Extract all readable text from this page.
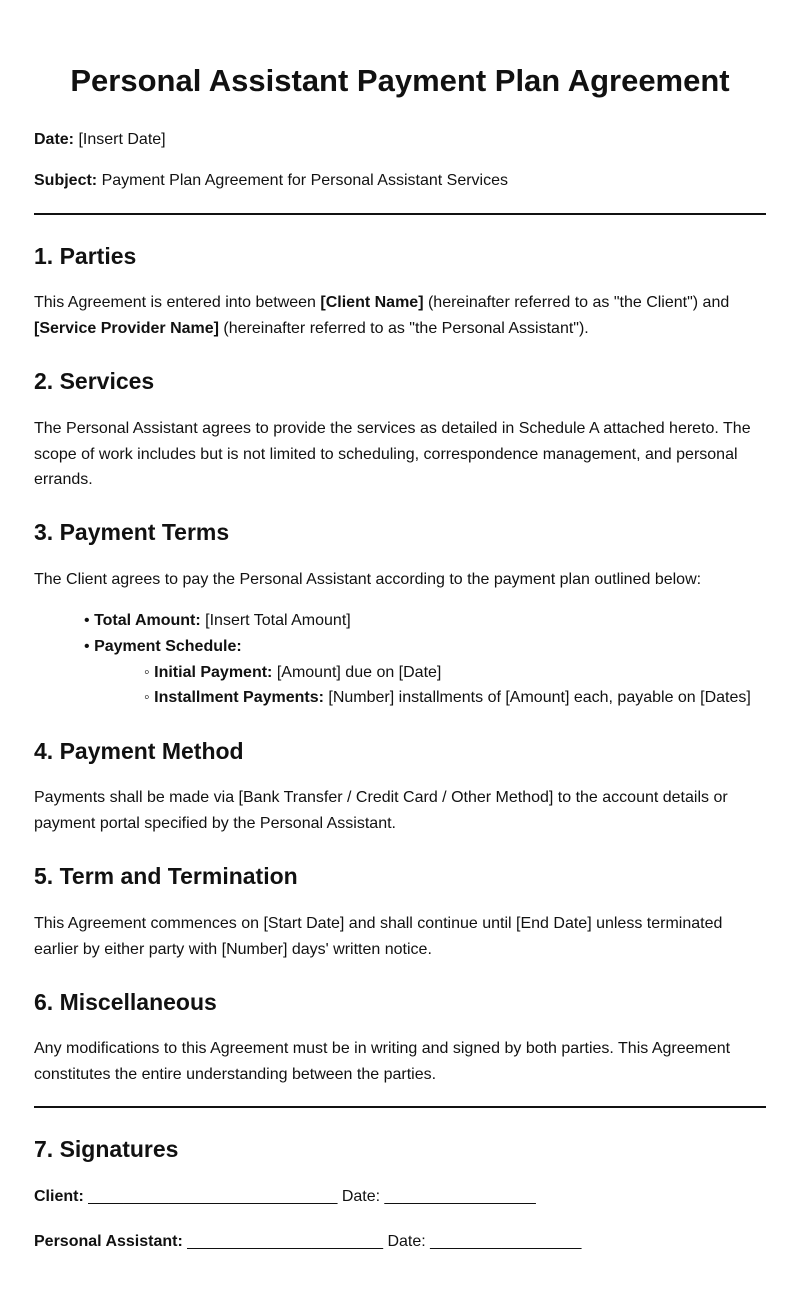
Personal Assistant Payment Plan Agreement

Date: [Insert Date]

Subject: Payment Plan Agreement for Personal Assistant Services

1. Parties

This Agreement is entered into between [Client Name] (hereinafter referred to as "the Client") and [Service Provider Name] (hereinafter referred to as "the Personal Assistant").

2. Services

The Personal Assistant agrees to provide the services as detailed in Schedule A attached hereto. The scope of work includes but is not limited to scheduling, correspondence management, and personal errands.

3. Payment Terms

The Client agrees to pay the Personal Assistant according to the payment plan outlined below:

• Total Amount: [Insert Total Amount]

• Payment Schedule:

◦ Initial Payment: [Amount] due on [Date]

◦ Installment Payments: [Number] installments of [Amount] each, payable on [Dates]

4. Payment Method

Payments shall be made via [Bank Transfer / Credit Card / Other Method] to the account details or payment portal specified by the Personal Assistant.

5. Term and Termination

This Agreement commences on [Start Date] and shall continue until [End Date] unless terminated earlier by either party with [Number] days' written notice.

6. Miscellaneous

Any modifications to this Agreement must be in writing and signed by both parties. This Agreement constitutes the entire understanding between the parties.

7. Signatures

Client: ____________________________ Date: _________________

Personal Assistant: ______________________ Date: _________________
